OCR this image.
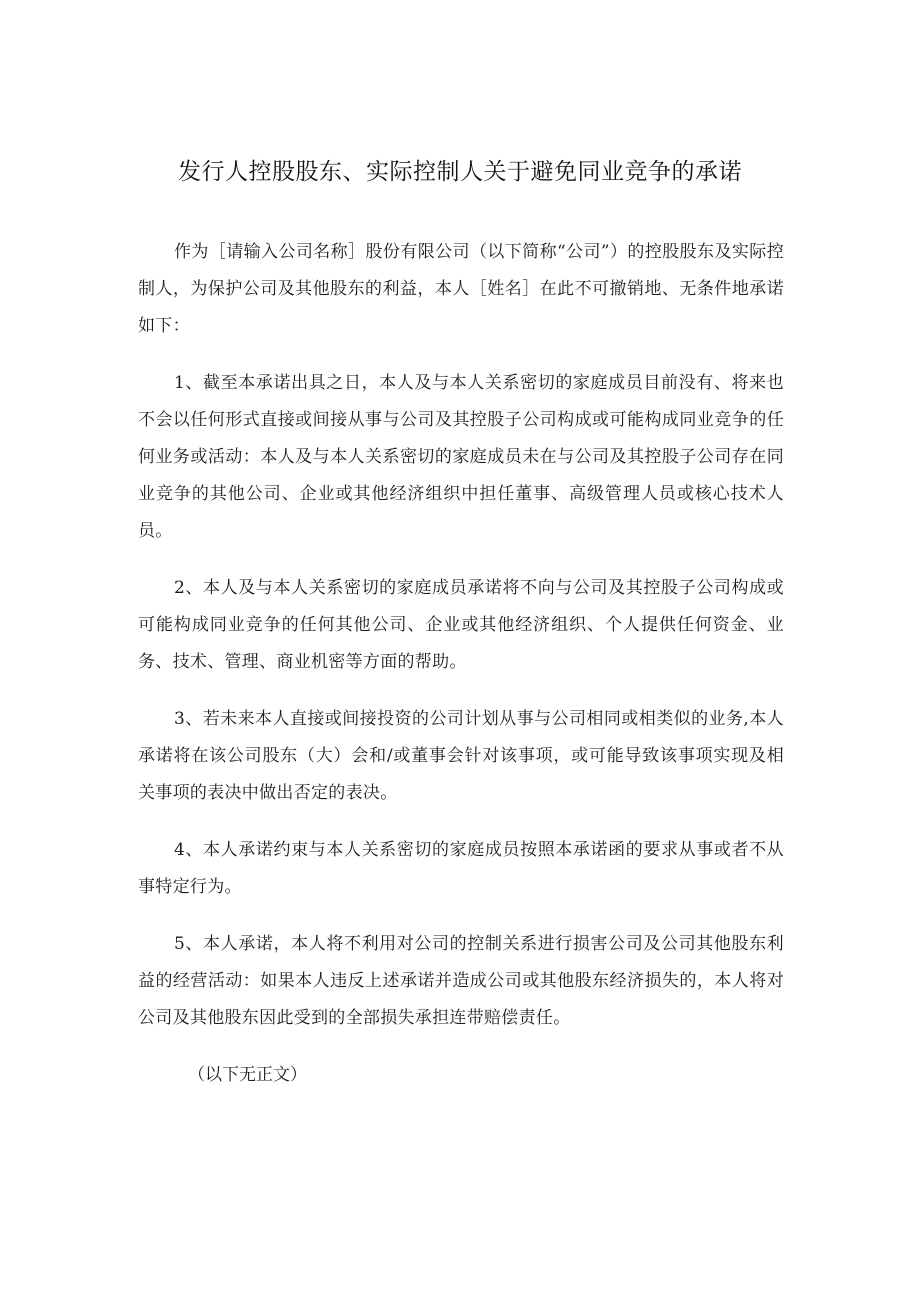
发行人控股股东、实际控制人关于避免同业竞争的承诺

作为［请输入公司名称］股份有限公司（以下简称“公司”）的控股股东及实际控制人，为保护公司及其他股东的利益，本人［姓名］在此不可撤销地、无条件地承诺如下：

1、截至本承诺出具之日，本人及与本人关系密切的家庭成员目前没有、将来也不会以任何形式直接或间接从事与公司及其控股子公司构成或可能构成同业竞争的任何业务或活动：本人及与本人关系密切的家庭成员未在与公司及其控股子公司存在同业竞争的其他公司、企业或其他经济组织中担任董事、高级管理人员或核心技术人员。

2、本人及与本人关系密切的家庭成员承诺将不向与公司及其控股子公司构成或可能构成同业竞争的任何其他公司、企业或其他经济组织、个人提供任何资金、业务、技术、管理、商业机密等方面的帮助。

3、若未来本人直接或间接投资的公司计划从事与公司相同或相类似的业务,本人承诺将在该公司股东（大）会和/或董事会针对该事项，或可能导致该事项实现及相关事项的表决中做出否定的表决。

4、本人承诺约束与本人关系密切的家庭成员按照本承诺函的要求从事或者不从事特定行为。

5、本人承诺，本人将不利用对公司的控制关系进行损害公司及公司其他股东利益的经营活动：如果本人违反上述承诺并造成公司或其他股东经济损失的，本人将对公司及其他股东因此受到的全部损失承担连带赔偿责任。

（以下无正文）
